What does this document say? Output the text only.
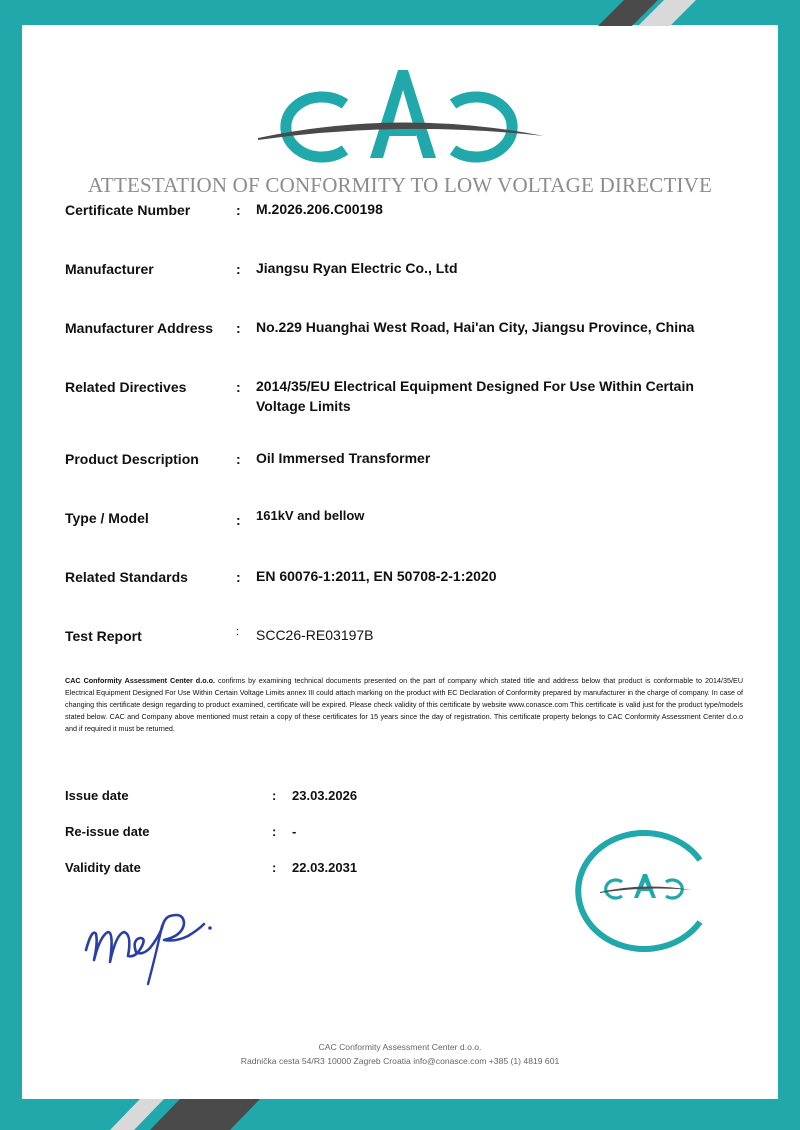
ATTESTATION OF CONFORMITY TO LOW VOLTAGE DIRECTIVE
Certificate Number	: M.2026.206.C00198
Manufacturer	: Jiangsu Ryan Electric Co., Ltd
Manufacturer Address : No.229 Huanghai West Road, Hai'an City, Jiangsu Province, China
Related Directives	: 2014/35/EU Electrical Equipment Designed For Use Within Certain Voltage Limits
Product Description	: Oil Immersed Transformer
Type / Model	: 161kV and bellow
Related Standards	: EN 60076-1:2011, EN 50708-2-1:2020
Test Report	: SCC26-RE03197B
CAC Conformity Assessment Center d.o.o. confirms by examining technical documents presented on the part of company which stated title and address below that product is conformable to 2014/35/EU Electrical Equipment Designed For Use Within Certain Voltage Limits annex III could attach marking on the product with EC Declaration of Conformity prepared by manufacturer in the charge of company. In case of changing this certificate design regarding to product examined, certificate will be expired. Please check validity of this certificate by website www.conasce.com This certificate is valid just for the product type/models stated below. CAC and Company above mentioned must retain a copy of these certificates for 15 years since the day of registration. This certificate property belongs to CAC Conformity Assessment Center d.o.o and if required it must be returned.
Issue date	: 23.03.2026
Re-issue date	: -
Validity date	: 22.03.2031
CAC Conformity Assessment Center d.o.o.
Radnička cesta 54/R3 10000 Zagreb Croatia info@conasce.com +385 (1) 4819 601
